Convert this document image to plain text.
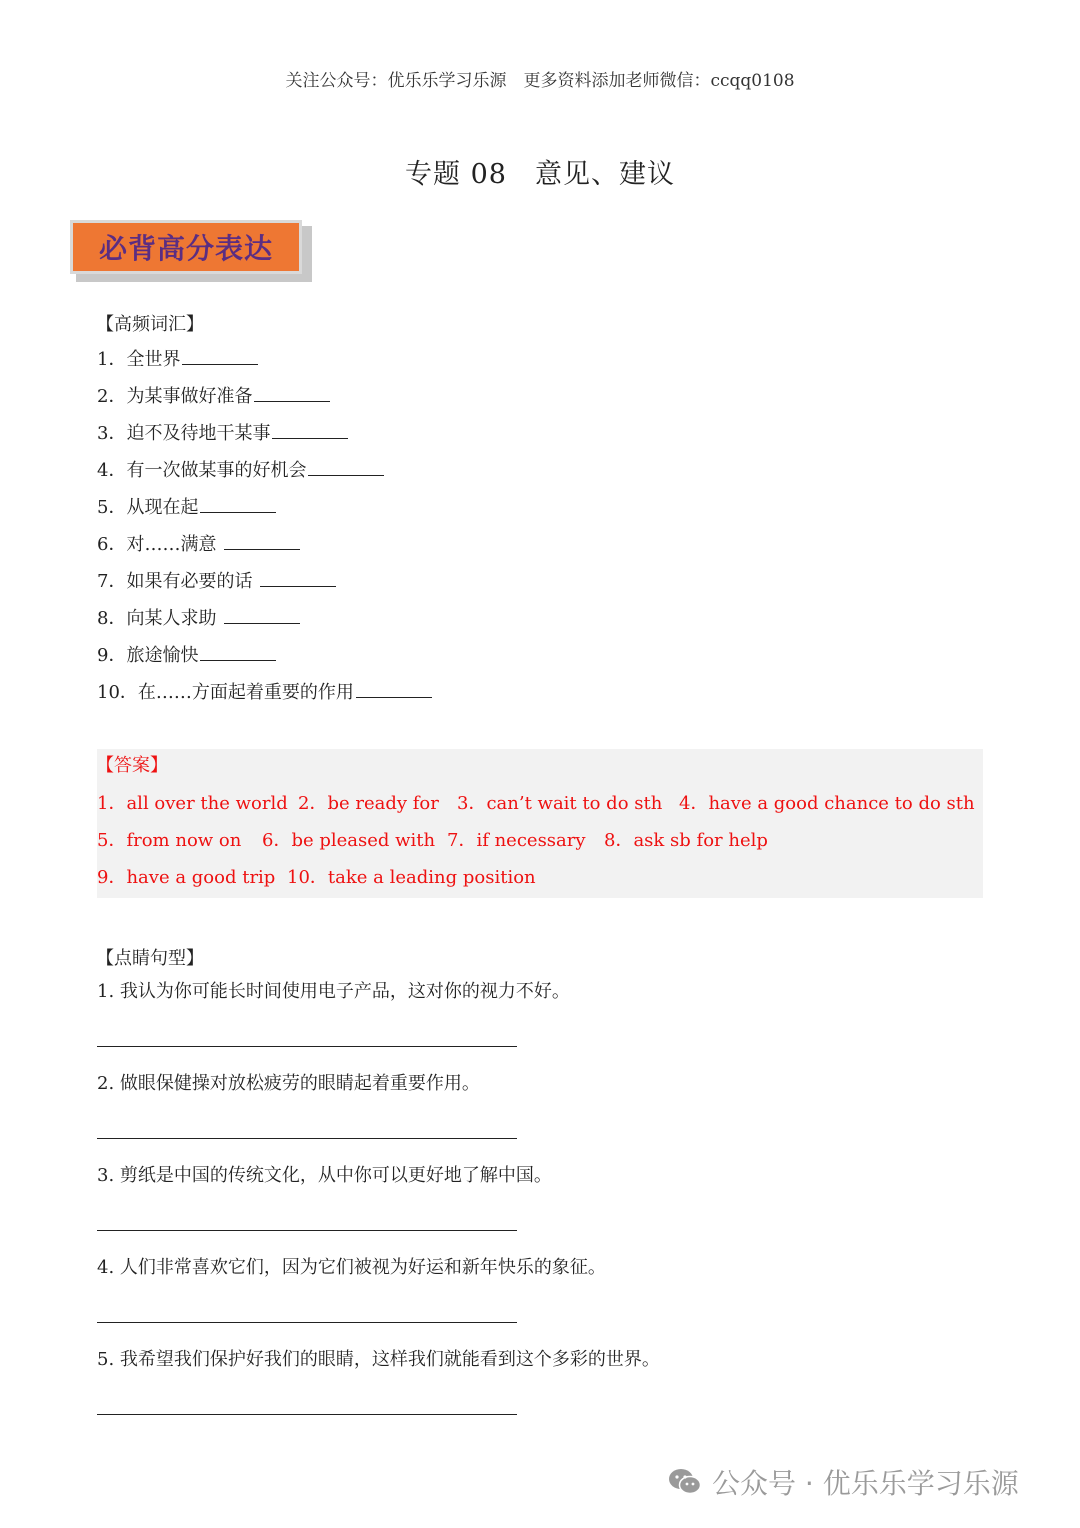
关注公众号：优乐乐学习乐源　更多资料添加老师微信：ccqq0108
专题 08　意见、建议
必背高分表达
【高频词汇】
1．全世界
2．为某事做好准备
3．迫不及待地干某事
4．有一次做某事的好机会
5．从现在起
6．对……满意
7．如果有必要的话
8．向某人求助
9．旅途愉快
10．在……方面起着重要的作用
【答案】
1．all over the world 2．be ready for 3．can’t wait to do sth 4．have a good chance to do sth
5．from now on 6．be pleased with 7．if necessary 8．ask sb for help
9．have a good trip 10．take a leading position
【点睛句型】
1. 我认为你可能长时间使用电子产品，这对你的视力不好。
2. 做眼保健操对放松疲劳的眼睛起着重要作用。
3. 剪纸是中国的传统文化，从中你可以更好地了解中国。
4. 人们非常喜欢它们，因为它们被视为好运和新年快乐的象征。
5. 我希望我们保护好我们的眼睛，这样我们就能看到这个多彩的世界。
公众号 · 优乐乐学习乐源
